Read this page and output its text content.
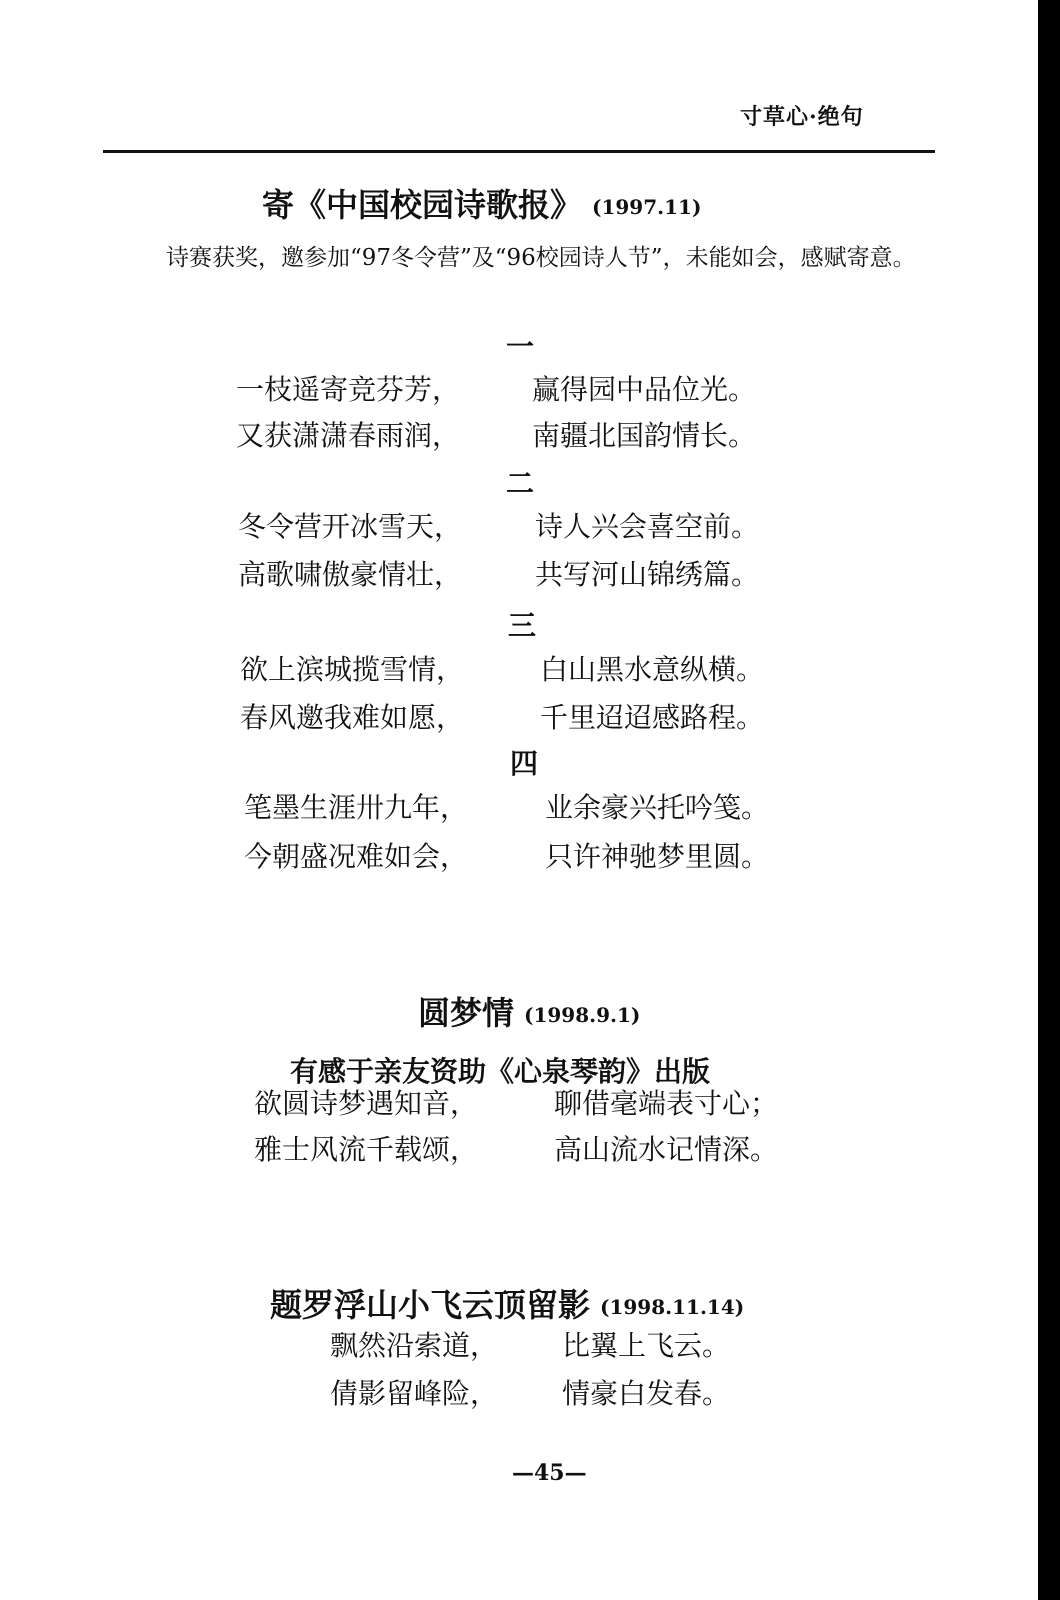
寸草心·绝句
寄《中国校园诗歌报》 (1997.11)
诗赛获奖，邀参加“97冬令营”及“96校园诗人节”，未能如会，感赋寄意。
一
一枝遥寄竞芬芳，	赢得园中品位光。
又获潇潇春雨润，	南疆北国韵情长。
二
冬令营开冰雪天，	诗人兴会喜空前。
高歌啸傲豪情壮，	共写河山锦绣篇。
三
欲上滨城揽雪情，	白山黑水意纵横。
春风邀我难如愿，	千里迢迢感路程。
四
笔墨生涯卅九年，	业余豪兴托吟笺。
今朝盛况难如会，	只许神驰梦里圆。
圆梦情 (1998.9.1)
有感于亲友资助《心泉琴韵》出版
欲圆诗梦遇知音，	聊借毫端表寸心；
雅士风流千载颂，	高山流水记情深。
题罗浮山小飞云顶留影 (1998.11.14)
飘然沿索道， 比翼上飞云。
倩影留峰险， 情豪白发春。
—45—
